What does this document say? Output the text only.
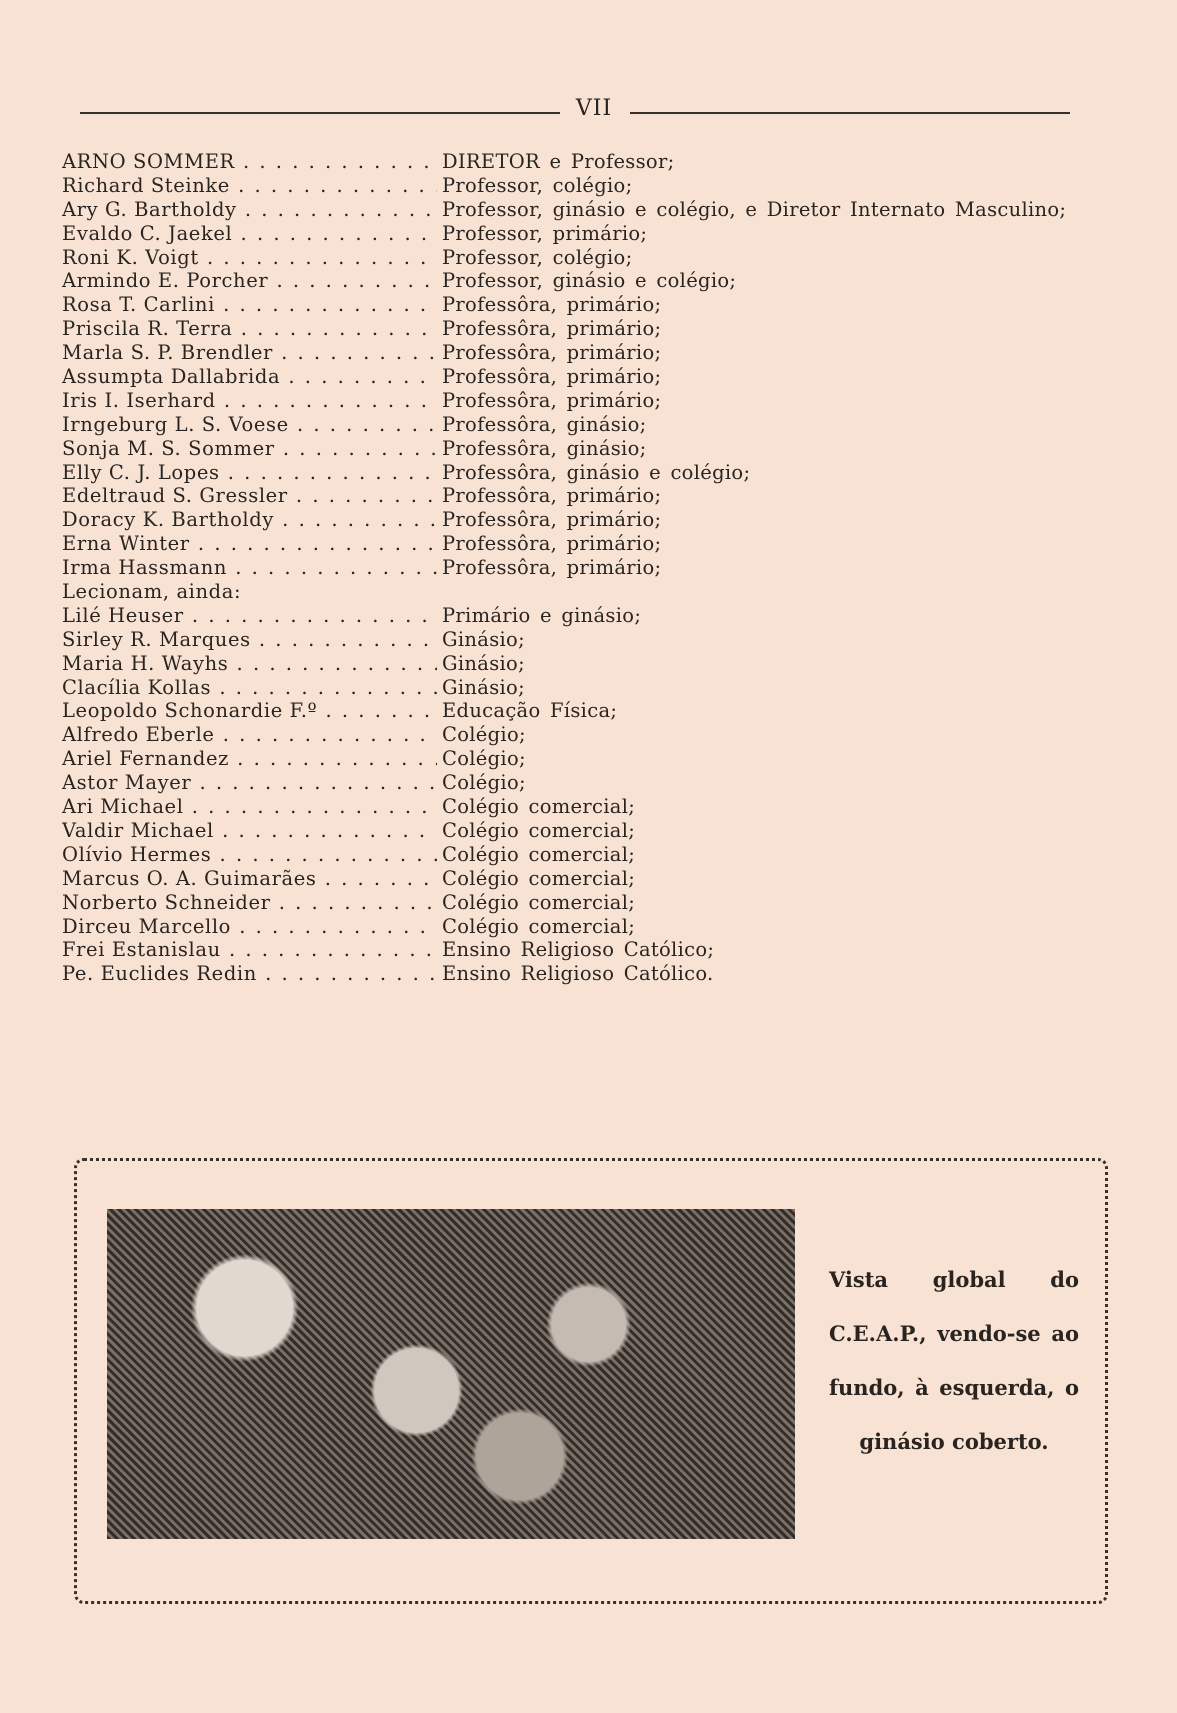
VII
ARNO SOMMER . . .	DIRETOR e Professor;
Richard Steinke . . .	Professor, colégio;
Ary G. Bartholdy . . .	Professor, ginásio e colégio, e Diretor Internato Masculino;
Evaldo C. Jaekel . . .	Professor, primário;
Roni K. Voigt . . .	Professor, colégio;
Armindo E. Porcher . . .	Professor, ginásio e colégio;
Rosa T. Carlini . . .	Professôra, primário;
Priscila R. Terra . . .	Professôra, primário;
Marla S. P. Brendler . . .	Professôra, primário;
Assumpta Dallabrida . . .	Professôra, primário;
Iris I. Iserhard . . .	Professôra, primário;
Irngeburg L. S. Voese . . .	Professôra, ginásio;
Sonja M. S. Sommer . . .	Professôra, ginásio;
Elly C. J. Lopes . . .	Professôra, ginásio e colégio;
Edeltraud S. Gressler . . .	Professôra, primário;
Doracy K. Bartholdy . . .	Professôra, primário;
Erna Winter . . .	Professôra, primário;
Irma Hassmann . . .	Professôra, primário;
Lecionam, ainda:
Lilé Heuser . . .	Primário e ginásio;
Sirley R. Marques . . .	Ginásio;
Maria H. Wayhs . . .	Ginásio;
Clacília Kollas . . .	Ginásio;
Leopoldo Schonardie F.º . . .	Educação Física;
Alfredo Eberle . . .	Colégio;
Ariel Fernandez . . .	Colégio;
Astor Mayer . . .	Colégio;
Ari Michael . . .	Colégio comercial;
Valdir Michael . . .	Colégio comercial;
Olívio Hermes . . .	Colégio comercial;
Marcus O. A. Guimarães . . .	Colégio comercial;
Norberto Schneider . . .	Colégio comercial;
Dirceu Marcello . . .	Colégio comercial;
Frei Estanislau . . .	Ensino Religioso Católico;
Pe. Euclides Redin . . .	Ensino Religioso Católico.
Vista global do C.E.A.P., vendo-se ao fundo, à esquerda, o ginásio coberto.
